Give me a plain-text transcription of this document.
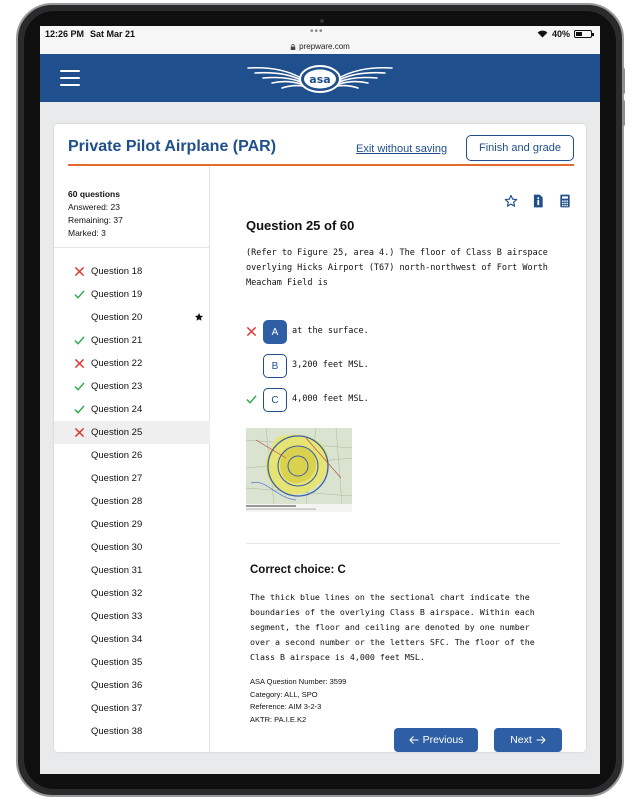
12:26 PM Sat Mar 21	•••
prepware.com
40%
asa
Private Pilot Airplane (PAR)	Exit without saving	Finish and grade
60 questions
Answered: 23
Remaining: 37
Marked: 3
Question 18
Question 19
Question 20
Question 21
Question 22
Question 23
Question 24
Question 25
Question 26
Question 27
Question 28
Question 29
Question 30
Question 31
Question 32
Question 33
Question 34
Question 35
Question 36
Question 37
Question 38
Question 25 of 60
(Refer to Figure 25, area 4.) The floor of Class B airspace overlying Hicks Airport (T67) north-northwest of Fort Worth Meacham Field is
A	at the surface.
B	3,200 feet MSL.
C	4,000 feet MSL.
Correct choice: C
The thick blue lines on the sectional chart indicate the boundaries of the overlying Class B airspace. Within each segment, the floor and ceiling are denoted by one number over a second number or the letters SFC. The floor of the Class B airspace is 4,000 feet MSL.
ASA Question Number: 3599
Category: ALL, SPO
Reference: AIM 3-2-3
AKTR: PA.I.E.K2
Previous	Next
